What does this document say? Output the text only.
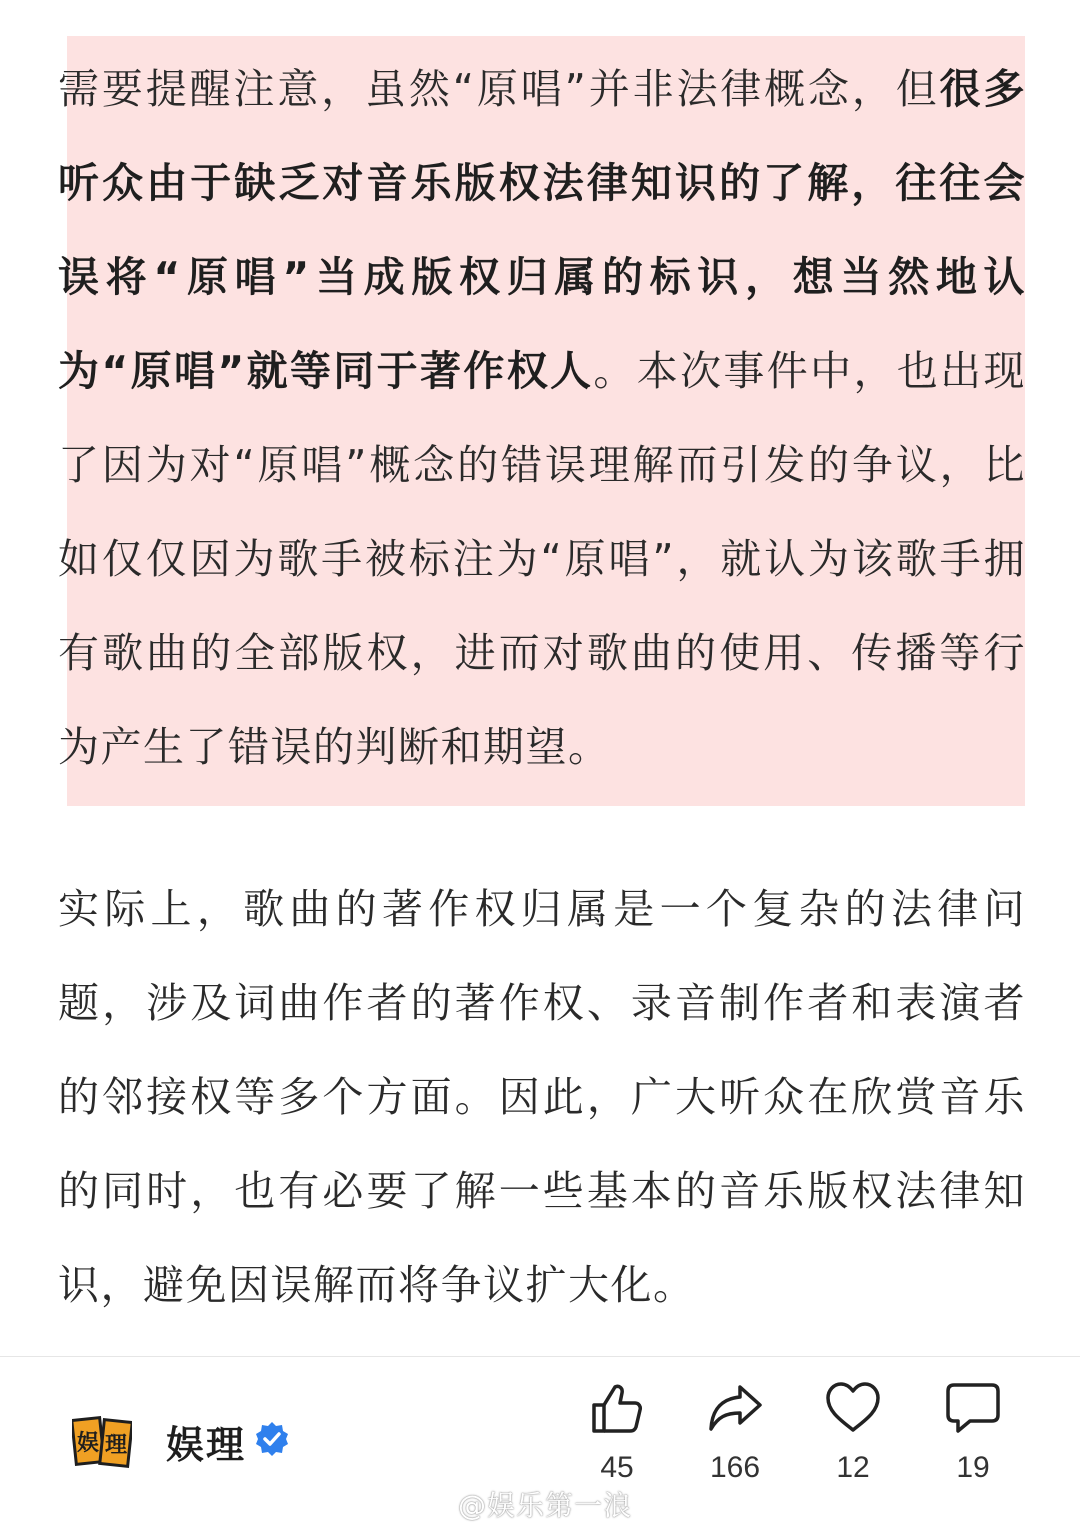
需要提醒注意，虽然“原唱”并非法律概念，但很多听众由于缺乏对音乐版权法律知识的了解，往往会误将“原唱”当成版权归属的标识，想当然地认为“原唱”就等同于著作权人。本次事件中，也出现了因为对“原唱”概念的错误理解而引发的争议，比如仅仅因为歌手被标注为“原唱”，就认为该歌手拥有歌曲的全部版权，进而对歌曲的使用、传播等行为产生了错误的判断和期望。

实际上，歌曲的著作权归属是一个复杂的法律问题，涉及词曲作者的著作权、录音制作者和表演者的邻接权等多个方面。因此，广大听众在欣赏音乐的同时，也有必要了解一些基本的音乐版权法律知识，避免因误解而将争议扩大化。

娱 理 娱理
45	166	12	19
@娱乐第一浪
